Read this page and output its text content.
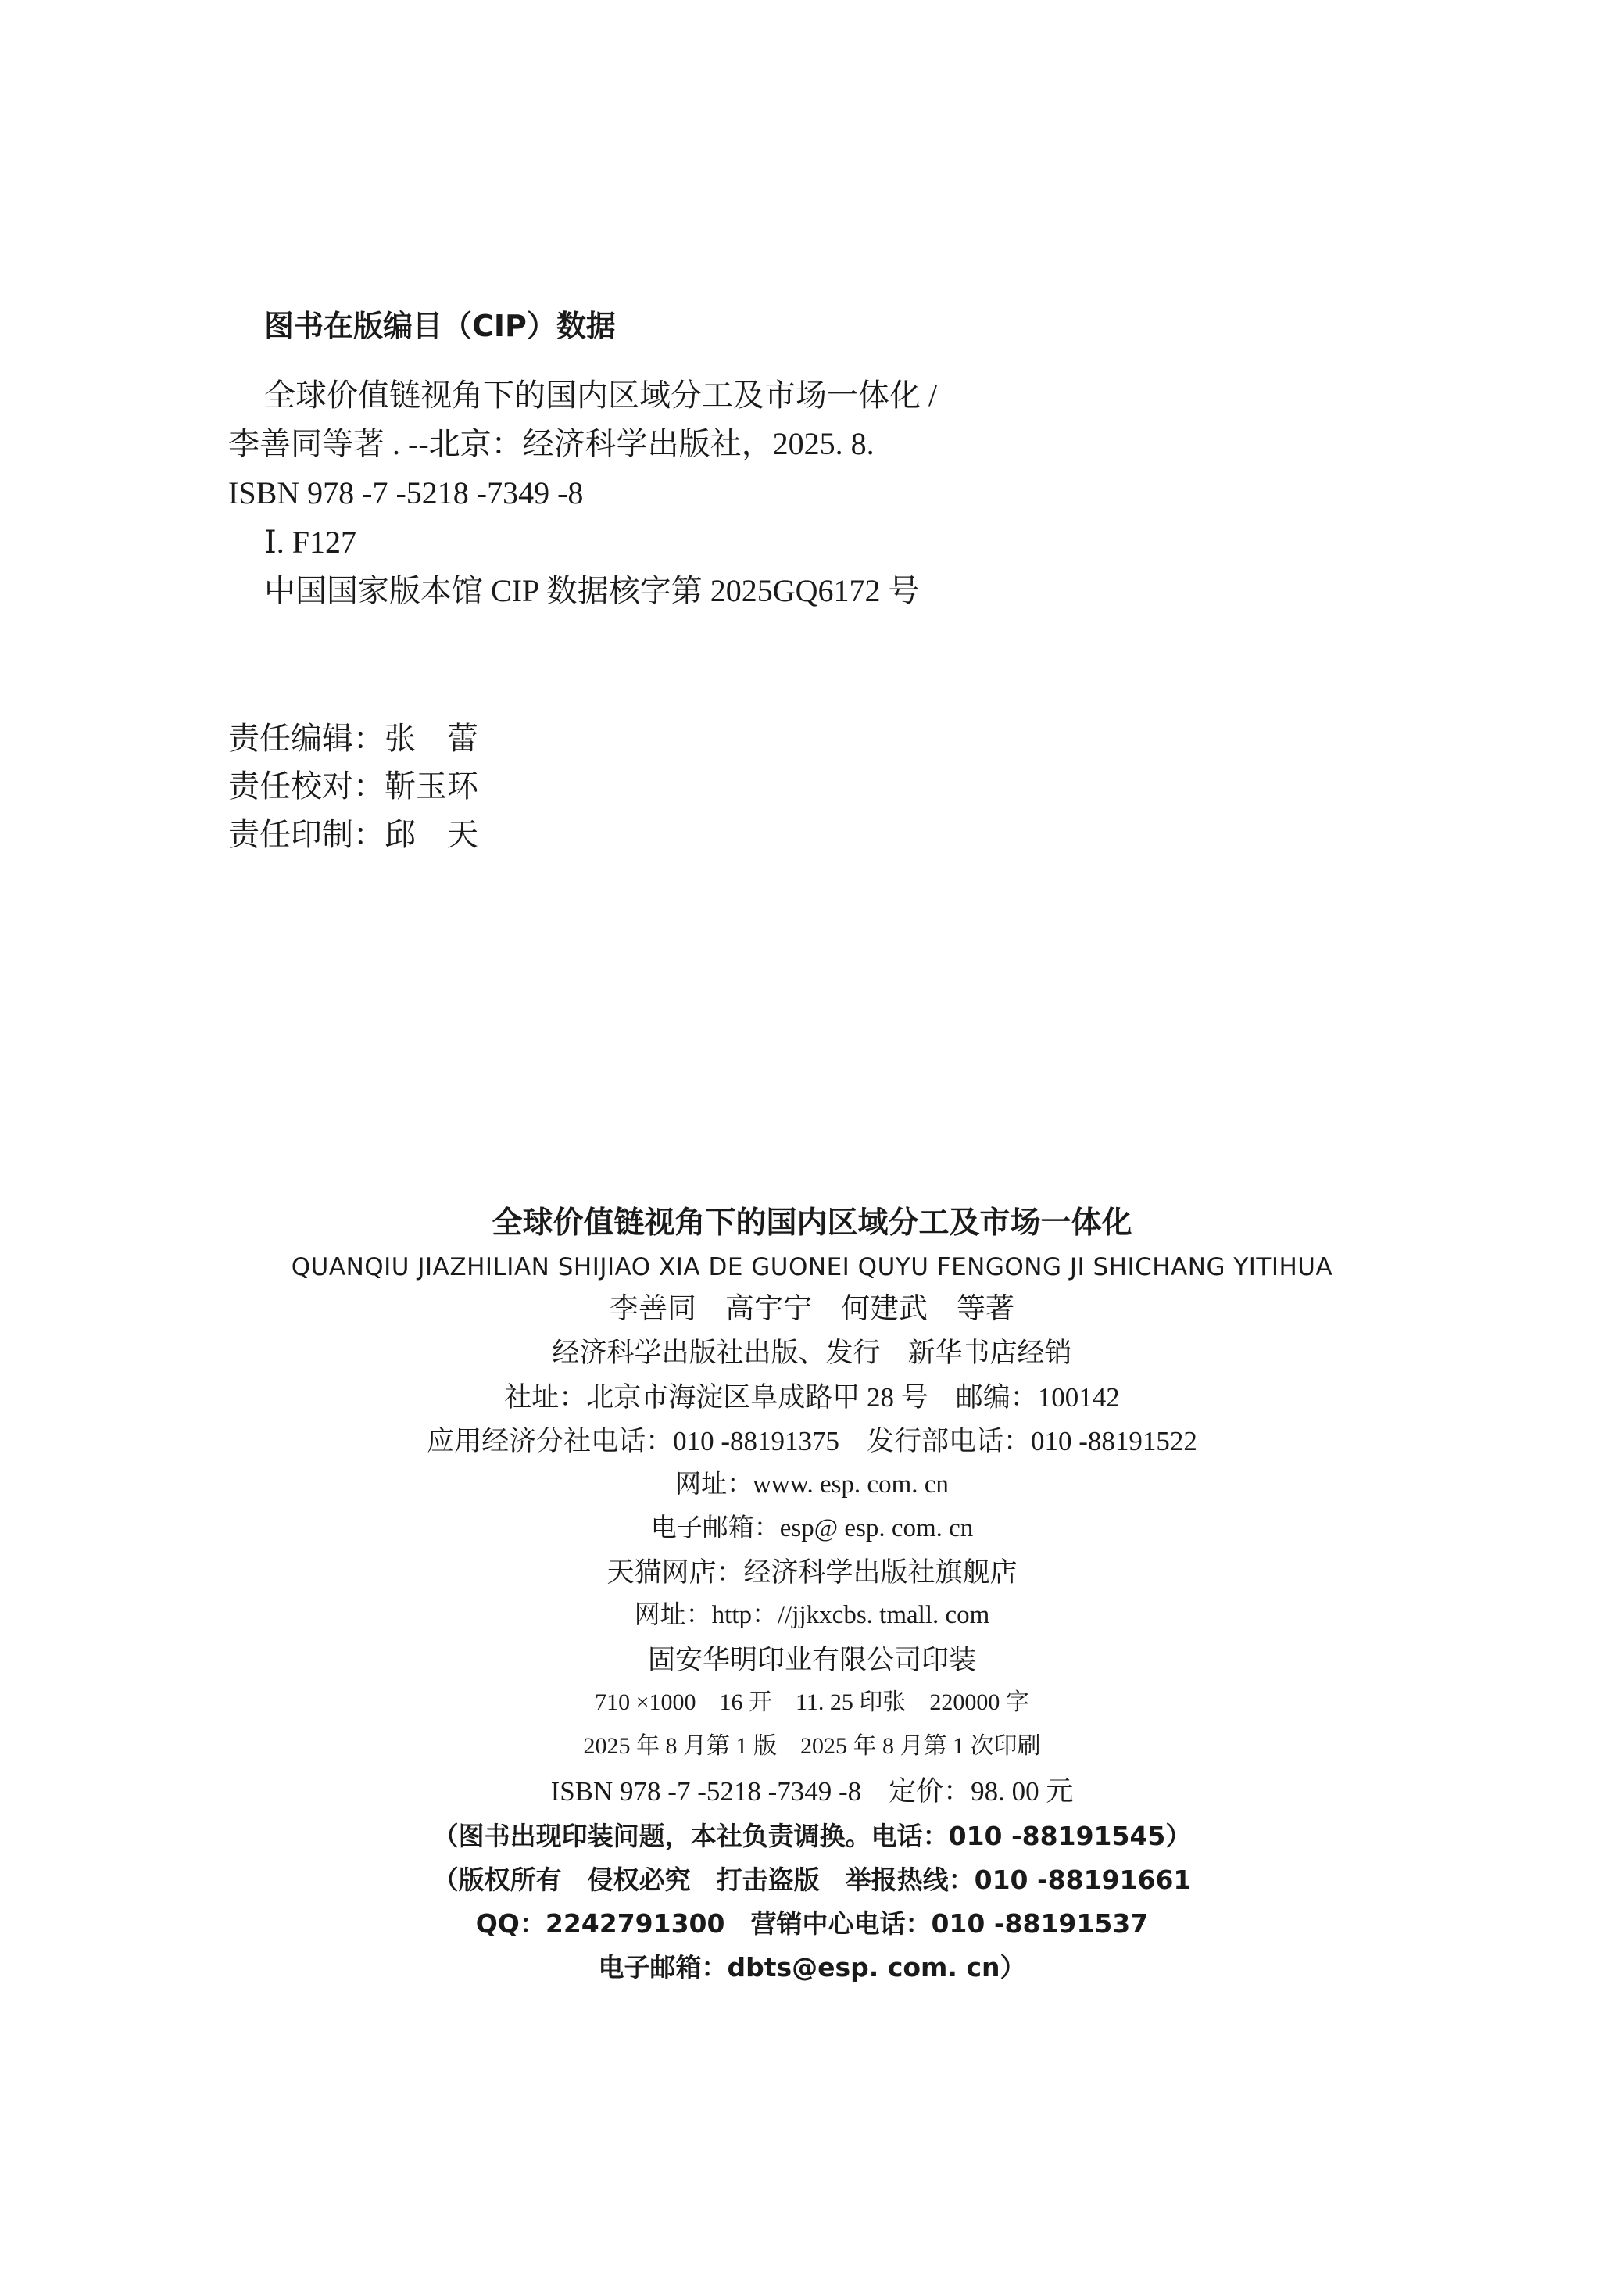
图书在版编目（CIP）数据
全球价值链视角下的国内区域分工及市场一体化 /
李善同等著 . --北京：经济科学出版社，2025. 8.
ISBN 978 -7 -5218 -7349 -8
Ⅰ. F127
中国国家版本馆 CIP 数据核字第 2025GQ6172 号
责任编辑：张　蕾
责任校对：靳玉环
责任印制：邱　天
全球价值链视角下的国内区域分工及市场一体化
QUANQIU JIAZHILIAN SHIJIAO XIA DE GUONEI QUYU FENGONG JI SHICHANG YITIHUA
李善同　高宇宁　何建武　等著
经济科学出版社出版、发行　新华书店经销
社址：北京市海淀区阜成路甲 28 号　邮编：100142
应用经济分社电话：010 -88191375　发行部电话：010 -88191522
网址：www. esp. com. cn
电子邮箱：esp@ esp. com. cn
天猫网店：经济科学出版社旗舰店
网址：http：//jjkxcbs. tmall. com
固安华明印业有限公司印装
710 ×1000　16 开　11. 25 印张　220000 字
2025 年 8 月第 1 版　2025 年 8 月第 1 次印刷
ISBN 978 -7 -5218 -7349 -8　定价：98. 00 元
（图书出现印装问题，本社负责调换。电话：010 -88191545）
（版权所有　侵权必究　打击盗版　举报热线：010 -88191661
QQ：2242791300　营销中心电话：010 -88191537
电子邮箱：dbts@esp. com. cn）
